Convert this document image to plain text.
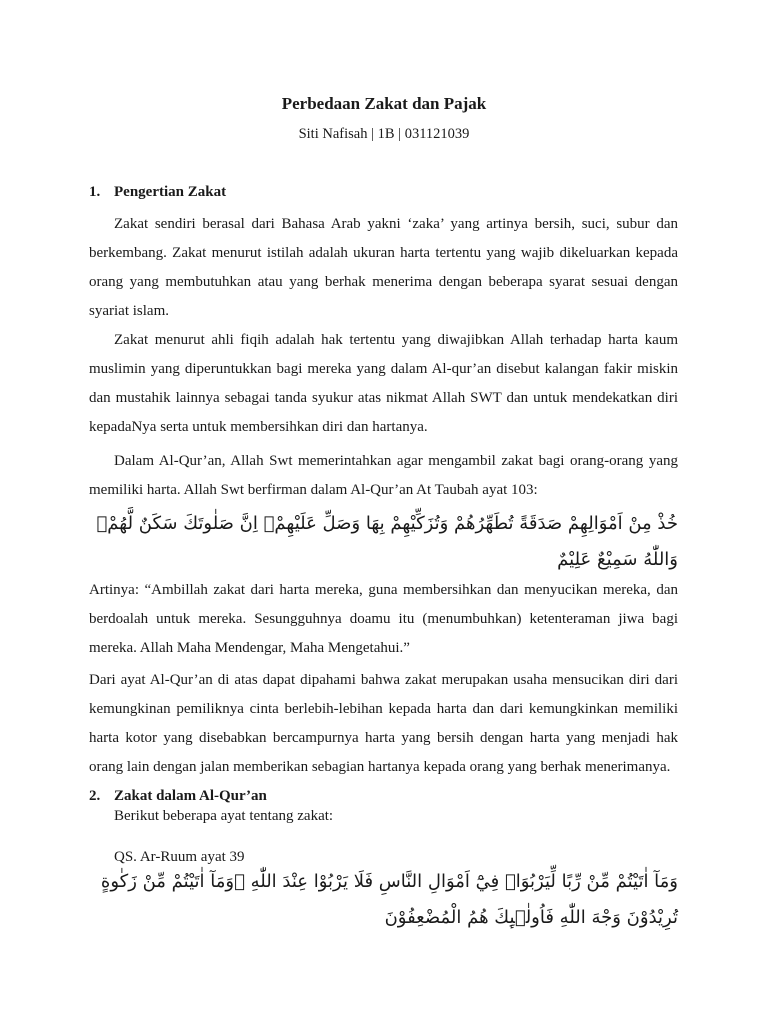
Perbedaan Zakat dan Pajak
Siti Nafisah | 1B | 031121039
1. Pengertian Zakat

Zakat sendiri berasal dari Bahasa Arab yakni ‘zaka’ yang artinya bersih, suci, subur dan berkembang. Zakat menurut istilah adalah ukuran harta tertentu yang wajib dikeluarkan kepada orang yang membutuhkan atau yang berhak menerima dengan beberapa syarat sesuai dengan syariat islam.

Zakat menurut ahli fiqih adalah hak tertentu yang diwajibkan Allah terhadap harta kaum muslimin yang diperuntukkan bagi mereka yang dalam Al-qur’an disebut kalangan fakir miskin dan mustahik lainnya sebagai tanda syukur atas nikmat Allah SWT dan untuk mendekatkan diri kepadaNya serta untuk membersihkan diri dan hartanya.

Dalam Al-Qur’an, Allah Swt memerintahkan agar mengambil zakat bagi orang-orang yang memiliki harta. Allah Swt berfirman dalam Al-Qur’an At Taubah ayat 103:

خُذْ مِنْ اَمْوَالِهِمْ صَدَقَةً تُطَهِّرُهُمْ وَتُزَكِّيْهِمْ بِهَا وَصَلِّ عَلَيْهِمْۗ اِنَّ صَلٰوتَكَ سَكَنٌ لَّهُمْۗ وَاللّٰهُ سَمِيْعٌ عَلِيْمٌ

Artinya: “Ambillah zakat dari harta mereka, guna membersihkan dan menyucikan mereka, dan berdoalah untuk mereka. Sesungguhnya doamu itu (menumbuhkan) ketenteraman jiwa bagi mereka. Allah Maha Mendengar, Maha Mengetahui.”

Dari ayat Al-Qur’an di atas dapat dipahami bahwa zakat merupakan usaha mensucikan diri dari kemungkinan pemiliknya cinta berlebih-lebihan kepada harta dan dari kemungkinkan memiliki harta kotor yang disebabkan bercampurnya harta yang bersih dengan harta yang menjadi hak orang lain dengan jalan memberikan sebagian hartanya kepada orang yang berhak menerimanya.

2. Zakat dalam Al-Qur’an
Berikut beberapa ayat tentang zakat:
QS. Ar-Ruum ayat 39
وَمَآ اٰتَيْتُمْ مِّنْ رِّبًا لِّيَرْبُوَا۠ فِيْٓ اَمْوَالِ النَّاسِ فَلَا يَرْبُوْا عِنْدَ اللّٰهِ ۚوَمَآ اٰتَيْتُمْ مِّنْ زَكٰوةٍ تُرِيْدُوْنَ وَجْهَ اللّٰهِ فَاُولٰۤىِٕكَ هُمُ الْمُضْعِفُوْنَ
